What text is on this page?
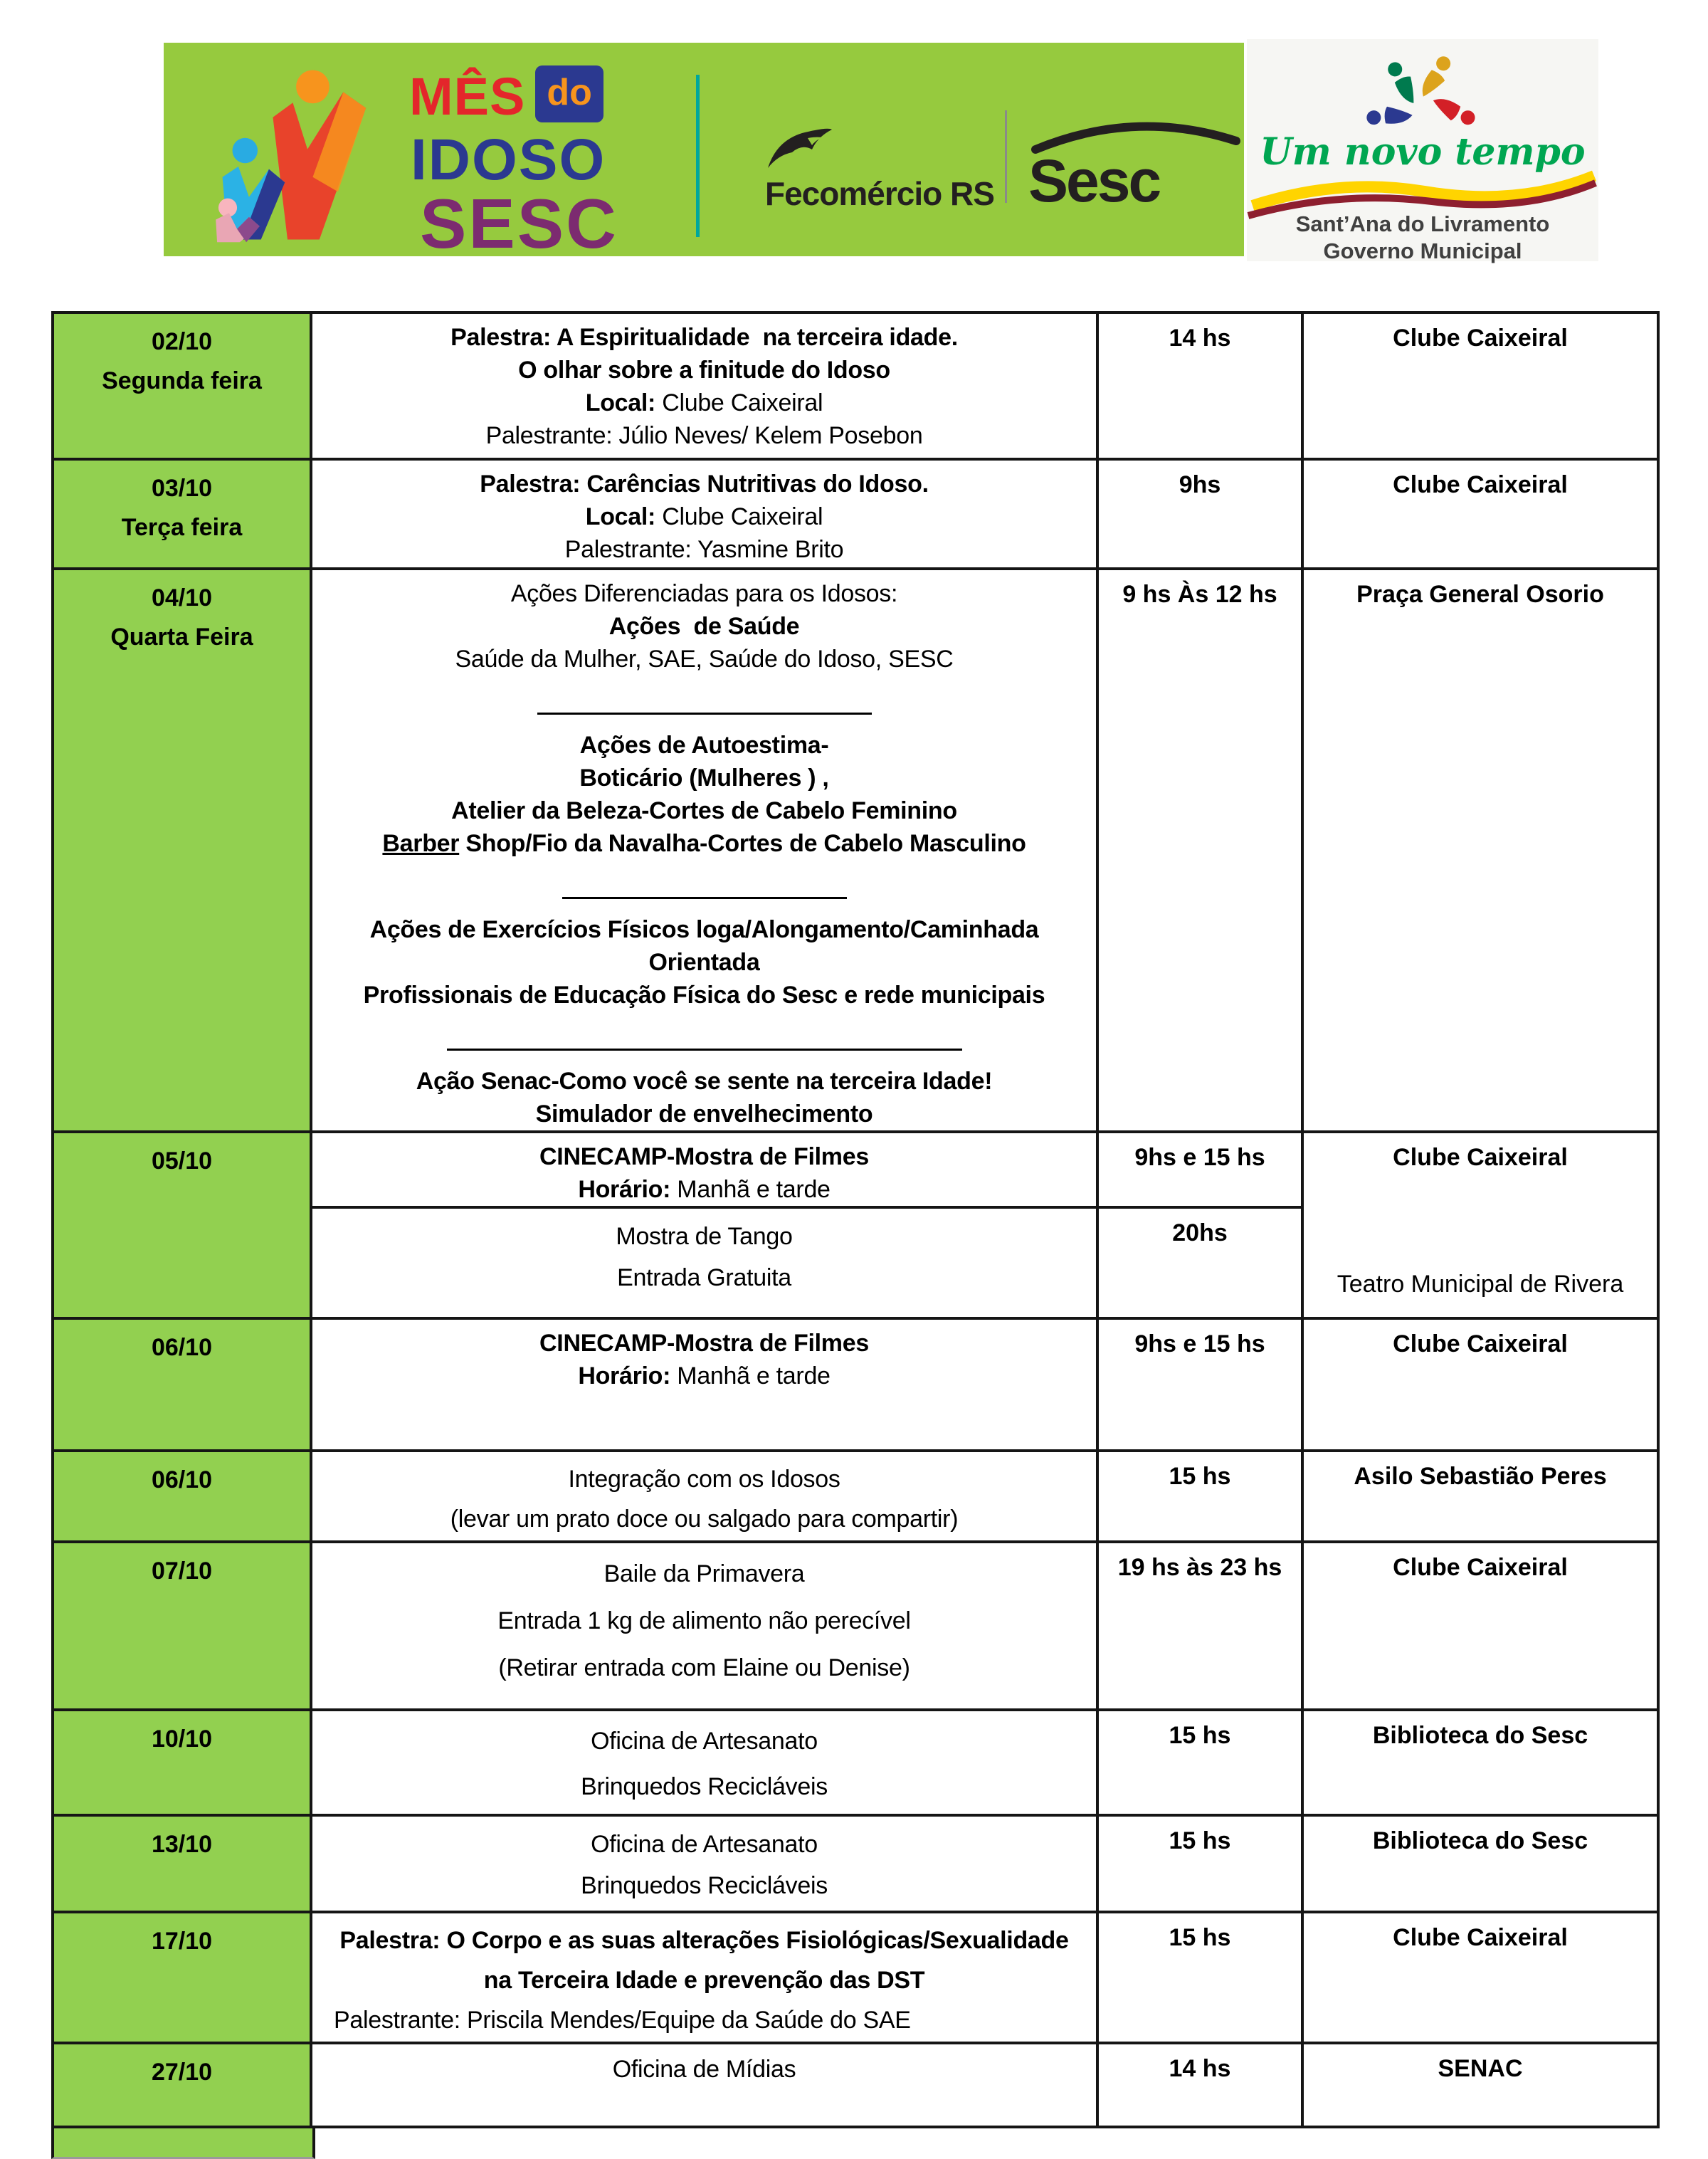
MÊS do
IDOSO
SESC	Fecomércio RS Sesc	Um novo tempo
Sant’Ana do Livramento
Governo Municipal
02/10
Segunda feira

Palestra: A Espiritualidade  na terceira idade.
O olhar sobre a finitude do Idoso
Local: Clube Caixeiral
Palestrante: Júlio Neves/ Kelem Posebon
	14 hs	Clube Caixeiral

03/10
Terça feira

Palestra: Carências Nutritivas do Idoso.
Local: Clube Caixeiral
Palestrante: Yasmine Brito
	9hs	Clube Caixeiral

04/10
Quarta Feira

Ações Diferenciadas para os Idosos:
Ações  de Saúde
Saúde da Mulher, SAE, Saúde do Idoso, SESC
Ações de Autoestima-
Boticário (Mulheres ) ,
Atelier da Beleza-Cortes de Cabelo Feminino
Barber Shop/Fio da Navalha-Cortes de Cabelo Masculino
Ações de Exercícios Físicos loga/Alongamento/Caminhada
Orientada
Profissionais de Educação Física do Sesc e rede municipais
Ação Senac-Como você se sente na terceira Idade!
Simulador de envelhecimento
	9 hs Às 12 hs	Praça General Osorio

05/10	CINECAMP-Mostra de Filmes
Horário: Manhã e tarde
	9hs e 15 hs	Clube Caixeiral
Teatro Municipal de Rivera

	Mostra de Tango
Entrada Gratuita	20hs	

06/10	CINECAMP-Mostra de Filmes
Horário: Manhã e tarde	9hs e 15 hs	Clube Caixeiral

06/10	Integração com os Idosos
(levar um prato doce ou salgado para compartir)	15 hs	Asilo Sebastião Peres

07/10	Baile da Primavera
Entrada 1 kg de alimento não perecível
(Retirar entrada com Elaine ou Denise)	19 hs às 23 hs	Clube Caixeiral

10/10	Oficina de Artesanato
Brinquedos Recicláveis	15 hs	Biblioteca do Sesc

13/10	Oficina de Artesanato
Brinquedos Recicláveis	15 hs	Biblioteca do Sesc

17/10	Palestra: O Corpo e as suas alterações Fisiológicas/Sexualidade
na Terceira Idade e prevenção das DST
Palestrante: Priscila Mendes/Equipe da Saúde do SAE	15 hs	Clube Caixeiral

27/10	Oficina de Mídias	14 hs	SENAC
